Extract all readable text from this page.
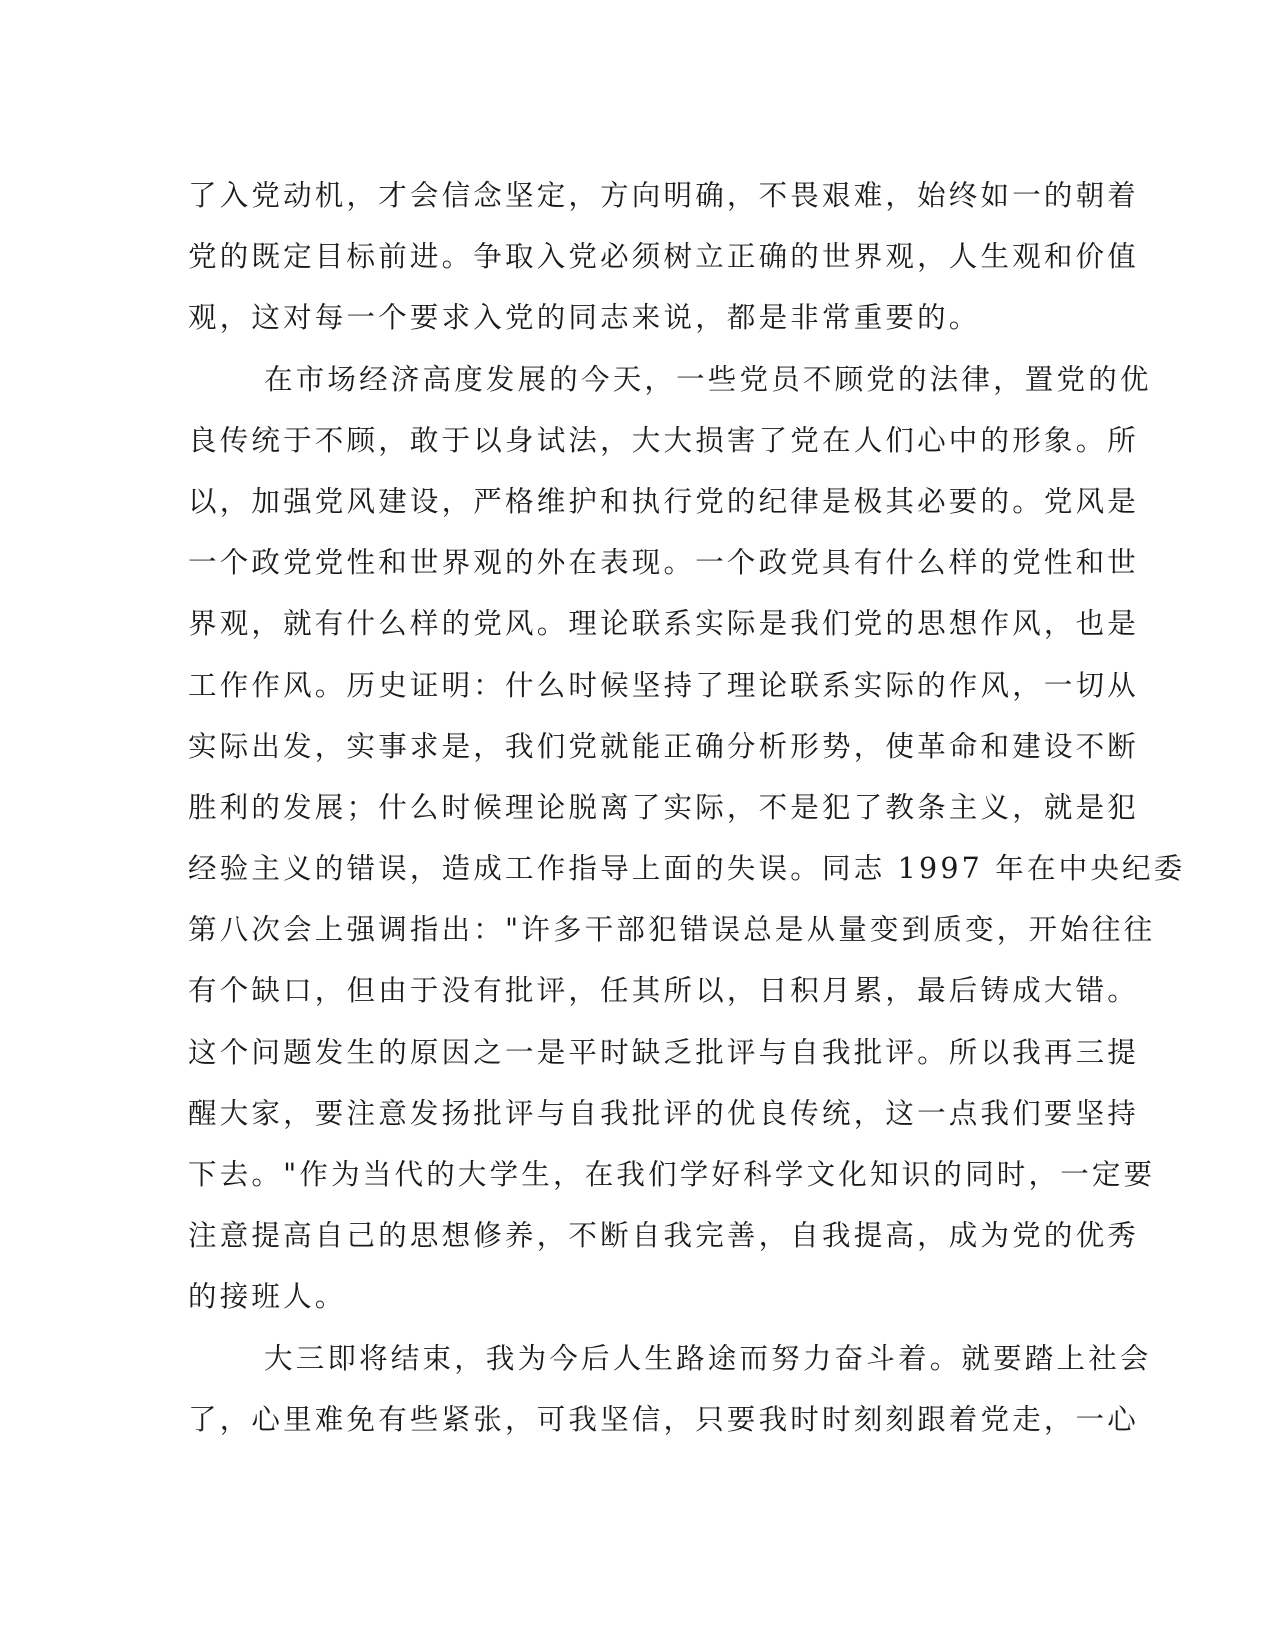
了入党动机，才会信念坚定，方向明确，不畏艰难，始终如一的朝着
党的既定目标前进。争取入党必须树立正确的世界观，人生观和价值
观，这对每一个要求入党的同志来说，都是非常重要的。
在市场经济高度发展的今天，一些党员不顾党的法律，置党的优
良传统于不顾，敢于以身试法，大大损害了党在人们心中的形象。所
以，加强党风建设，严格维护和执行党的纪律是极其必要的。党风是
一个政党党性和世界观的外在表现。一个政党具有什么样的党性和世
界观，就有什么样的党风。理论联系实际是我们党的思想作风，也是
工作作风。历史证明：什么时候坚持了理论联系实际的作风，一切从
实际出发，实事求是，我们党就能正确分析形势，使革命和建设不断
胜利的发展；什么时候理论脱离了实际，不是犯了教条主义，就是犯
经验主义的错误，造成工作指导上面的失误。同志 1997 年在中央纪委
第八次会上强调指出："许多干部犯错误总是从量变到质变，开始往往
有个缺口，但由于没有批评，任其所以，日积月累，最后铸成大错。
这个问题发生的原因之一是平时缺乏批评与自我批评。所以我再三提
醒大家，要注意发扬批评与自我批评的优良传统，这一点我们要坚持
下去。"作为当代的大学生，在我们学好科学文化知识的同时，一定要
注意提高自己的思想修养，不断自我完善，自我提高，成为党的优秀
的接班人。
大三即将结束，我为今后人生路途而努力奋斗着。就要踏上社会
了，心里难免有些紧张，可我坚信，只要我时时刻刻跟着党走，一心
